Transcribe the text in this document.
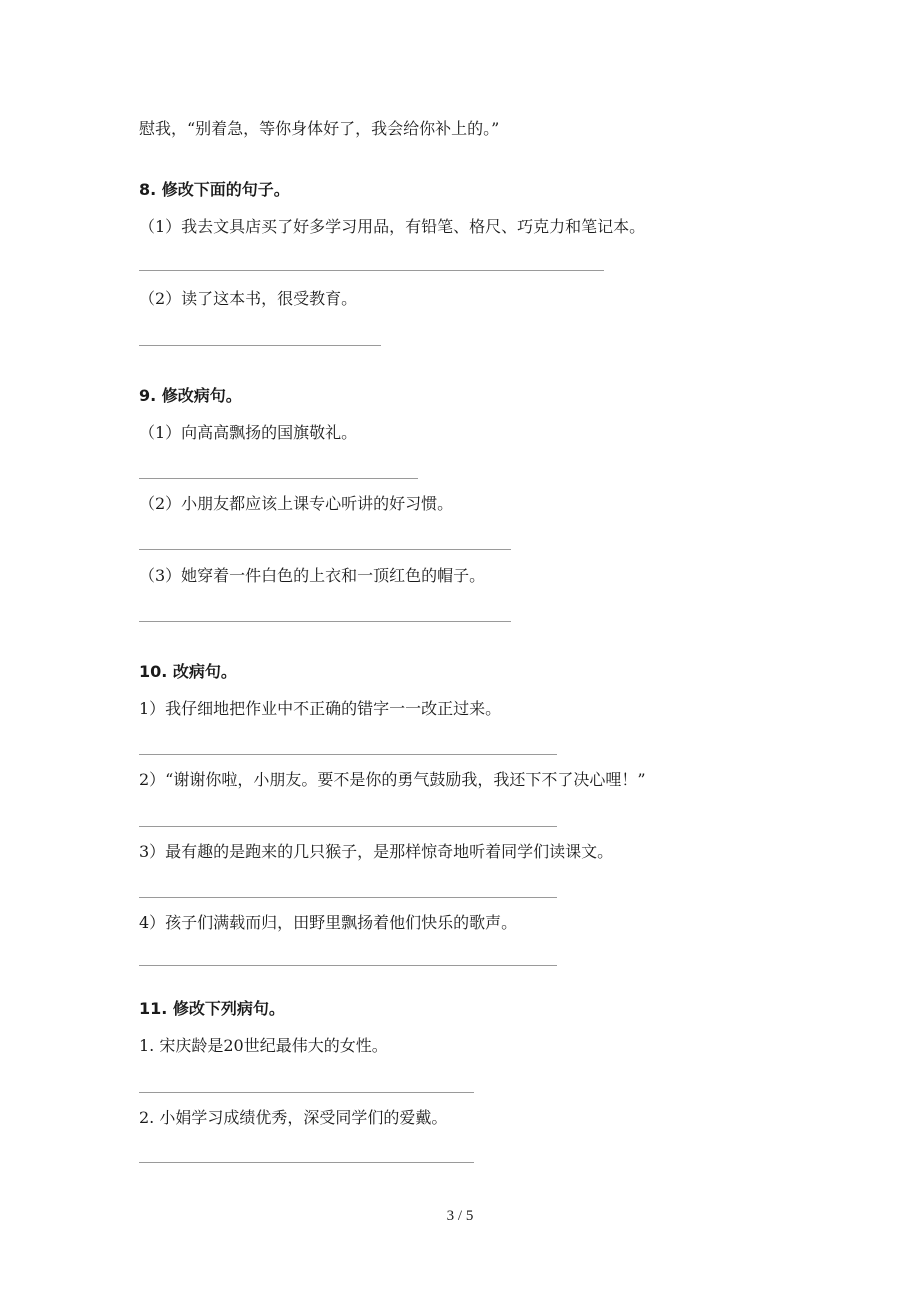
慰我，“别着急，等你身体好了，我会给你补上的。”
8. 修改下面的句子。
（1）我去文具店买了好多学习用品，有铅笔、格尺、巧克力和笔记本。
（2）读了这本书，很受教育。
9. 修改病句。
（1）向高高飘扬的国旗敬礼。
（2）小朋友都应该上课专心听讲的好习惯。
（3）她穿着一件白色的上衣和一顶红色的帽子。
10. 改病句。
1）我仔细地把作业中不正确的错字一一改正过来。
2）“谢谢你啦，小朋友。要不是你的勇气鼓励我，我还下不了决心哩！”
3）最有趣的是跑来的几只猴子，是那样惊奇地听着同学们读课文。
4）孩子们满载而归，田野里飘扬着他们快乐的歌声。
11. 修改下列病句。
1. 宋庆龄是20世纪最伟大的女性。
2. 小娟学习成绩优秀，深受同学们的爱戴。
3 / 5
